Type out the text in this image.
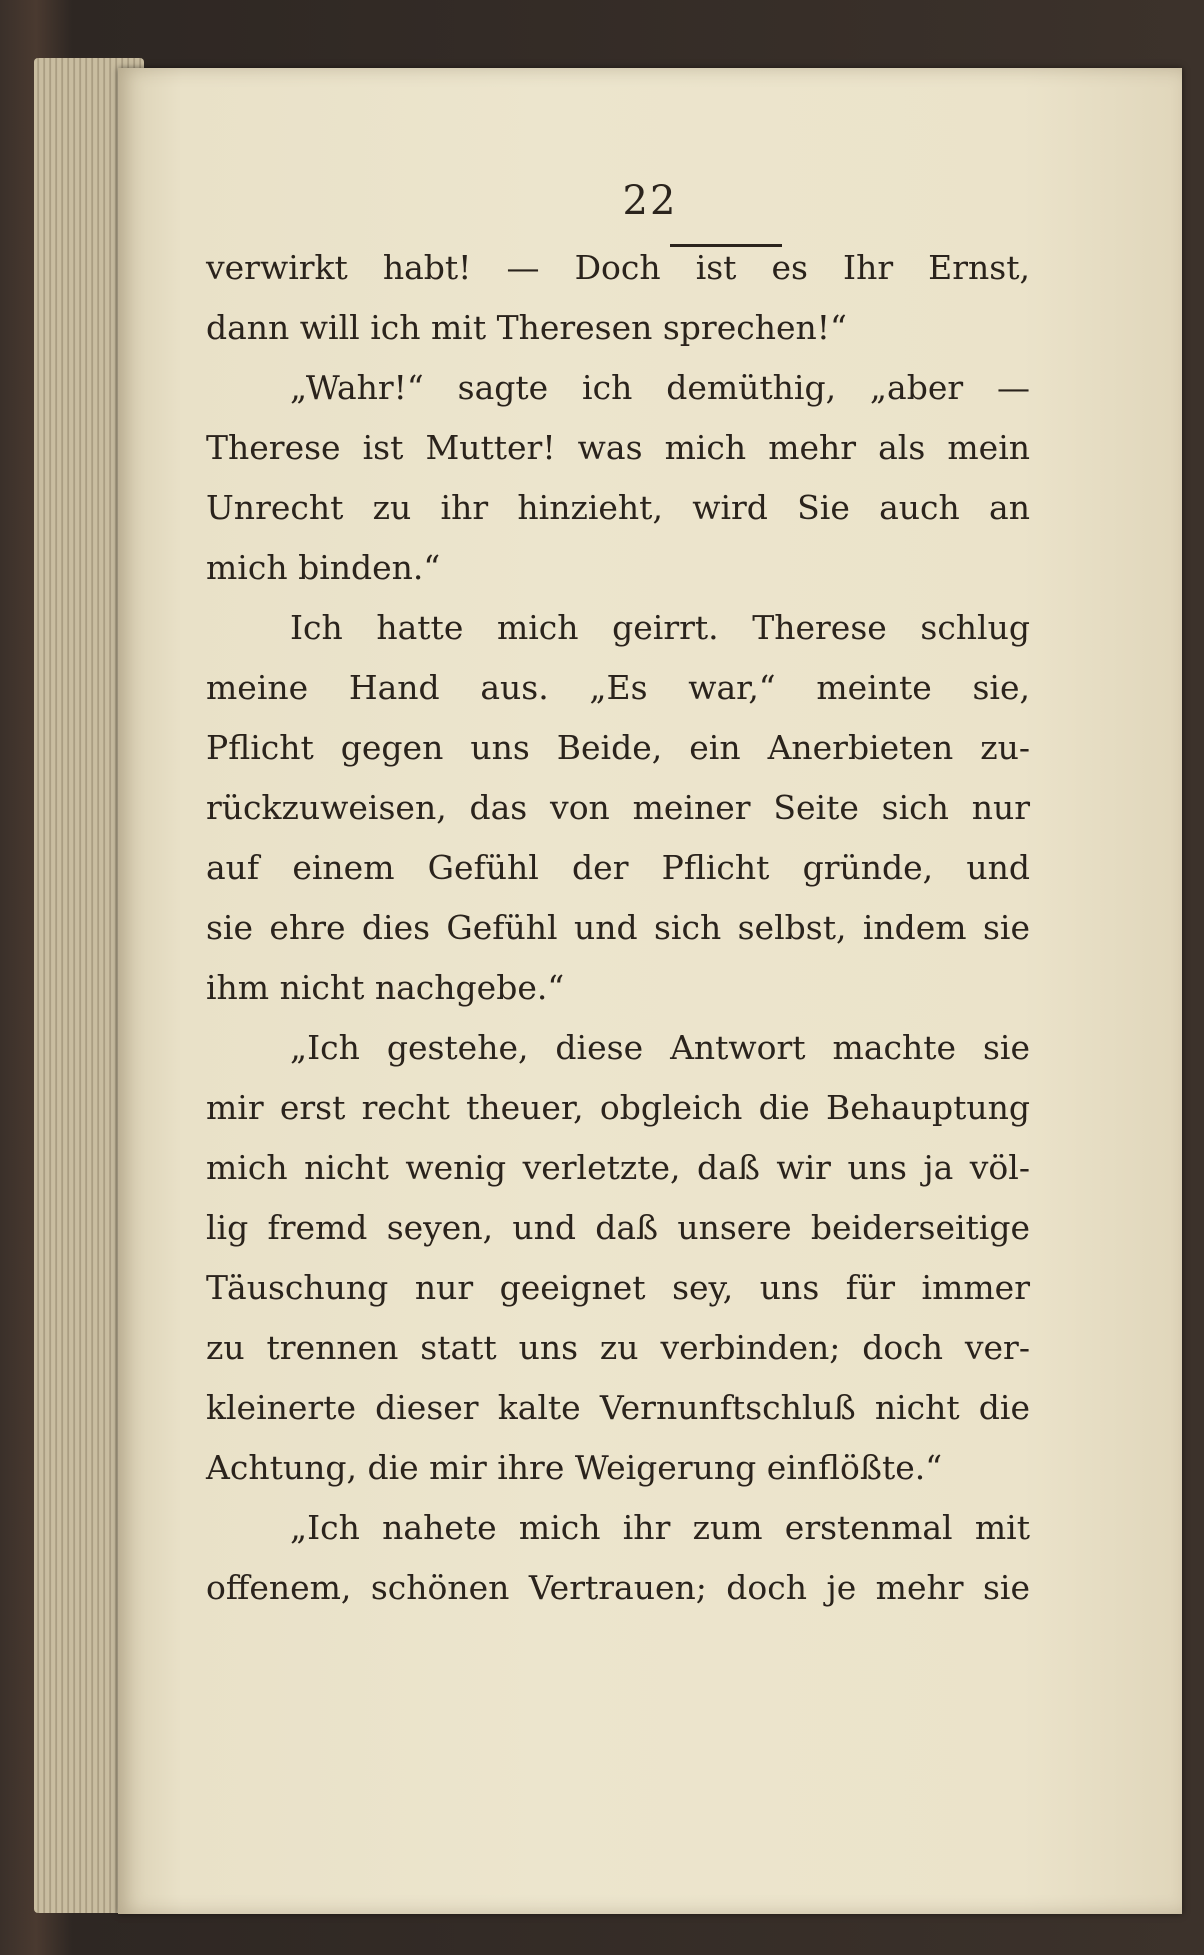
22
verwirkt habt! — Doch ist es Ihr Ernst,
dann will ich mit Theresen sprechen!“
„Wahr!“ sagte ich demüthig, „aber —
Therese ist Mutter! was mich mehr als mein
Unrecht zu ihr hinzieht, wird Sie auch an
mich binden.“
Ich hatte mich geirrt. Therese schlug
meine Hand aus. „Es war,“ meinte sie,
Pflicht gegen uns Beide, ein Anerbieten zu-
rückzuweisen, das von meiner Seite sich nur
auf einem Gefühl der Pflicht gründe, und
sie ehre dies Gefühl und sich selbst, indem sie
ihm nicht nachgebe.“
„Ich gestehe, diese Antwort machte sie
mir erst recht theuer, obgleich die Behauptung
mich nicht wenig verletzte, daß wir uns ja völ-
lig fremd seyen, und daß unsere beiderseitige
Täuschung nur geeignet sey, uns für immer
zu trennen statt uns zu verbinden; doch ver-
kleinerte dieser kalte Vernunftschluß nicht die
Achtung, die mir ihre Weigerung einflößte.“
„Ich nahete mich ihr zum erstenmal mit
offenem, schönen Vertrauen; doch je mehr sie
